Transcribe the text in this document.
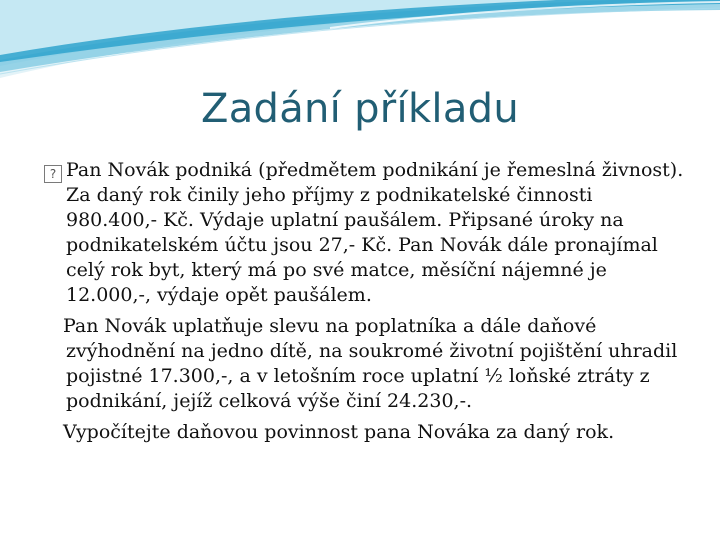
Zadání příkladu

? Pan Novák podniká (předmětem podnikání je řemeslná živnost). Za daný rok činily jeho příjmy z podnikatelské činnosti 980.400,- Kč. Výdaje uplatní paušálem. Připsané úroky na podnikatelském účtu jsou 27,- Kč. Pan Novák dále pronajímal celý rok byt, který má po své matce, měsíční nájemné je 12.000,-, výdaje opět paušálem.

Pan Novák uplatňuje slevu na poplatníka a dále daňové zvýhodnění na jedno dítě, na soukromé životní pojištění uhradil pojistné 17.300,-, a v letošním roce uplatní ½ loňské ztráty z podnikání, jejíž celková výše činí 24.230,-.

Vypočítejte daňovou povinnost pana Nováka za daný rok.
